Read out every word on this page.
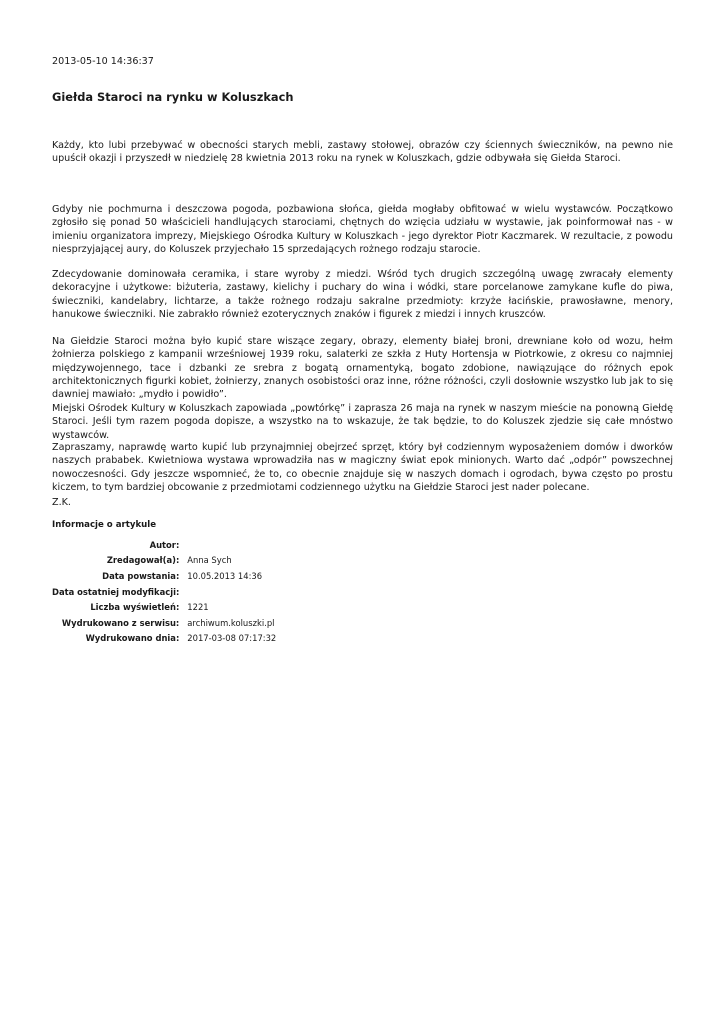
2013-05-10 14:36:37
Giełda Staroci na rynku w Koluszkach

Każdy, kto lubi przebywać w obecności starych mebli, zastawy stołowej, obrazów czy ściennych świeczników, na pewno nie upuścił okazji i przyszedł w niedzielę 28 kwietnia 2013 roku na rynek w Koluszkach, gdzie odbywała się Giełda Staroci.

Gdyby nie pochmurna i deszczowa pogoda, pozbawiona słońca, giełda mogłaby obfitować w wielu wystawców. Początkowo zgłosiło się ponad 50 właścicieli handlujących starociami, chętnych do wzięcia udziału w wystawie, jak poinformował nas - w imieniu organizatora imprezy, Miejskiego Ośrodka Kultury w Koluszkach - jego dyrektor Piotr Kaczmarek. W rezultacie, z powodu niesprzyjającej aury, do Koluszek przyjechało 15 sprzedających rożnego rodzaju starocie.

Zdecydowanie dominowała ceramika, i stare wyroby z miedzi. Wśród tych drugich szczególną uwagę zwracały elementy dekoracyjne i użytkowe: biżuteria, zastawy, kielichy i puchary do wina i wódki, stare porcelanowe zamykane kufle do piwa, świeczniki, kandelabry, lichtarze, a także rożnego rodzaju sakralne przedmioty: krzyże łacińskie, prawosławne, menory, hanukowe świeczniki. Nie zabrakło również ezoterycznych znaków i figurek z miedzi i innych kruszców.

Na Giełdzie Staroci można było kupić stare wiszące zegary, obrazy, elementy białej broni, drewniane koło od wozu, hełm żołnierza polskiego z kampanii wrześniowej 1939 roku, salaterki ze szkła z Huty Hortensja w Piotrkowie, z okresu co najmniej międzywojennego, tace i dzbanki ze srebra z bogatą ornamentyką, bogato zdobione, nawiązujące do różnych epok architektonicznych figurki kobiet, żołnierzy, znanych osobistości oraz inne, różne różności, czyli dosłownie wszystko lub jak to się dawniej mawiało: „mydło i powidło”.

Miejski Ośrodek Kultury w Koluszkach zapowiada „powtórkę” i zaprasza 26 maja na rynek w naszym mieście na ponowną Giełdę Staroci. Jeśli tym razem pogoda dopisze, a wszystko na to wskazuje, że tak będzie, to do Koluszek zjedzie się całe mnóstwo wystawców.

Zapraszamy, naprawdę warto kupić lub przynajmniej obejrzeć sprzęt, który był codziennym wyposażeniem domów i dworków naszych prababek. Kwietniowa wystawa wprowadziła nas w magiczny świat epok minionych. Warto dać „odpór” powszechnej nowoczesności. Gdy jeszcze wspomnieć, że to, co obecnie znajduje się w naszych domach i ogrodach, bywa często po prostu kiczem, to tym bardziej obcowanie z przedmiotami codziennego użytku na Giełdzie Staroci jest nader polecane.

Z.K.

Informacje o artykule
Autor:	
Zredagował(a):	Anna Sych
Data powstania:	10.05.2013 14:36
Data ostatniej modyfikacji:	
Liczba wyświetleń:	1221
Wydrukowano z serwisu:	archiwum.koluszki.pl
Wydrukowano dnia:	2017-03-08 07:17:32
